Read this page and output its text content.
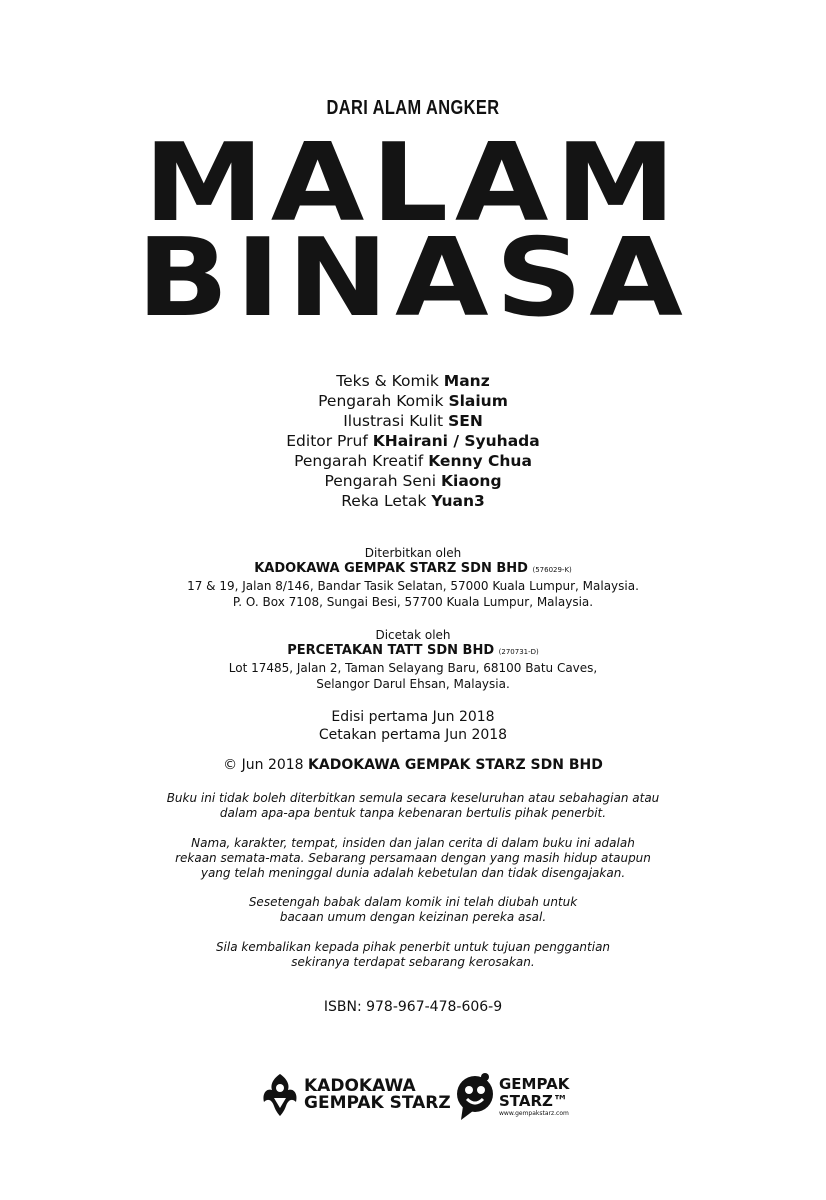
DARI ALAM ANGKER
MALAM
BINASA
Teks & Komik Manz
Pengarah Komik Slaium
Ilustrasi Kulit SEN
Editor Pruf KHairani / Syuhada
Pengarah Kreatif Kenny Chua
Pengarah Seni Kiaong
Reka Letak Yuan3
Diterbitkan oleh
KADOKAWA GEMPAK STARZ SDN BHD (576029-K)
17 & 19, Jalan 8/146, Bandar Tasik Selatan, 57000 Kuala Lumpur, Malaysia.
P. O. Box 7108, Sungai Besi, 57700 Kuala Lumpur, Malaysia.
Dicetak oleh
PERCETAKAN TATT SDN BHD (270731-D)
Lot 17485, Jalan 2, Taman Selayang Baru, 68100 Batu Caves,
Selangor Darul Ehsan, Malaysia.
Edisi pertama Jun 2018
Cetakan pertama Jun 2018
© Jun 2018 KADOKAWA GEMPAK STARZ SDN BHD
Buku ini tidak boleh diterbitkan semula secara keseluruhan atau sebahagian atau
dalam apa-apa bentuk tanpa kebenaran bertulis pihak penerbit.
Nama, karakter, tempat, insiden dan jalan cerita di dalam buku ini adalah
rekaan semata-mata. Sebarang persamaan dengan yang masih hidup ataupun
yang telah meninggal dunia adalah kebetulan dan tidak disengajakan.
Sesetengah babak dalam komik ini telah diubah untuk
bacaan umum dengan keizinan pereka asal.
Sila kembalikan kepada pihak penerbit untuk tujuan penggantian
sekiranya terdapat sebarang kerosakan.
ISBN: 978-967-478-606-9
KADOKAWA
GEMPAK STARZ
GEMPAK
STARZ™
www.gempakstarz.com
